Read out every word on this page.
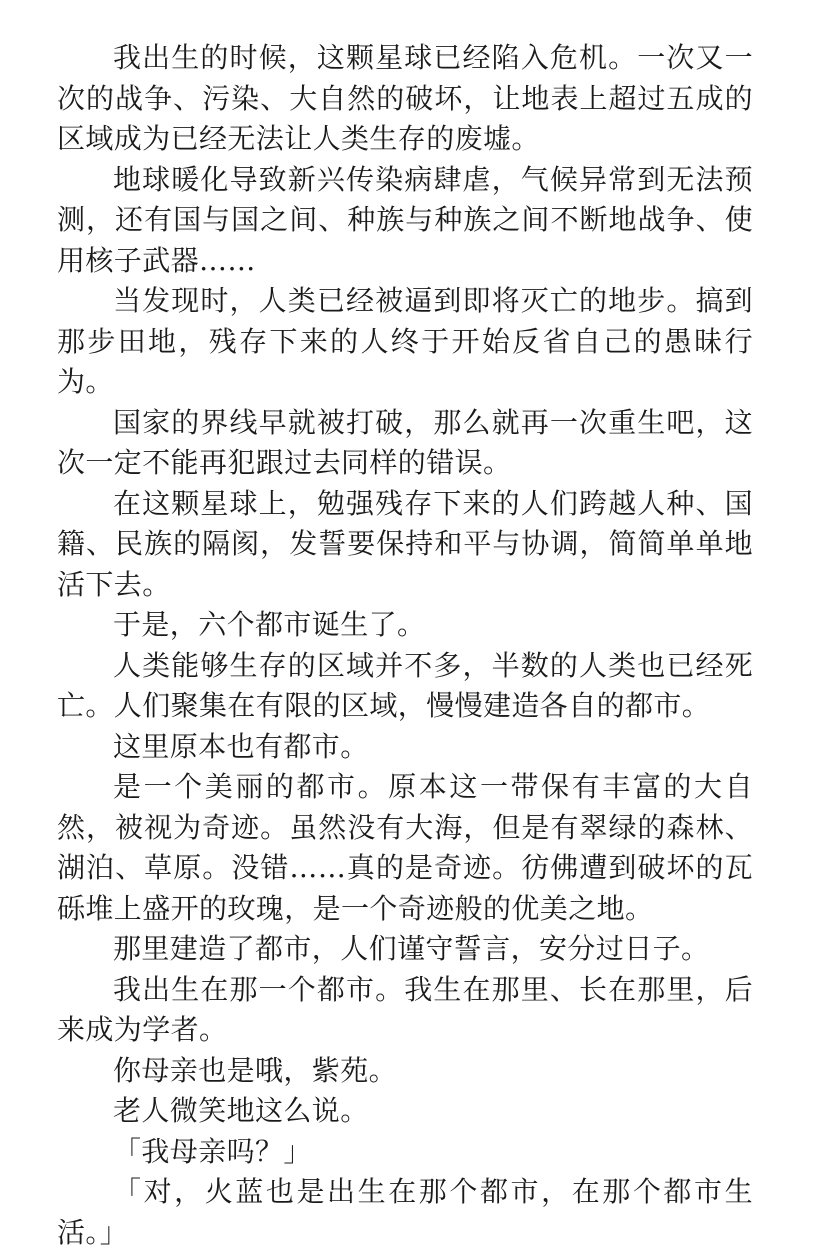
我出生的时候，这颗星球已经陷入危机。一次又一次的战争、污染、大自然的破坏，让地表上超过五成的区域成为已经无法让人类生存的废墟。

地球暖化导致新兴传染病肆虐，气候异常到无法预测，还有国与国之间、种族与种族之间不断地战争、使用核子武器……

当发现时，人类已经被逼到即将灭亡的地步。搞到那步田地，残存下来的人终于开始反省自己的愚昧行为。

国家的界线早就被打破，那么就再一次重生吧，这次一定不能再犯跟过去同样的错误。

在这颗星球上，勉强残存下来的人们跨越人种、国籍、民族的隔阂，发誓要保持和平与协调，简简单单地活下去。

于是，六个都市诞生了。

人类能够生存的区域并不多，半数的人类也已经死亡。人们聚集在有限的区域，慢慢建造各自的都市。

这里原本也有都市。

是一个美丽的都市。原本这一带保有丰富的大自然，被视为奇迹。虽然没有大海，但是有翠绿的森林、湖泊、草原。没错……真的是奇迹。彷佛遭到破坏的瓦砾堆上盛开的玫瑰，是一个奇迹般的优美之地。

那里建造了都市，人们谨守誓言，安分过日子。

我出生在那一个都市。我生在那里、长在那里，后来成为学者。

你母亲也是哦，紫苑。

老人微笑地这么说。

「我母亲吗？」

「对，火蓝也是出生在那个都市，在那个都市生活。」
